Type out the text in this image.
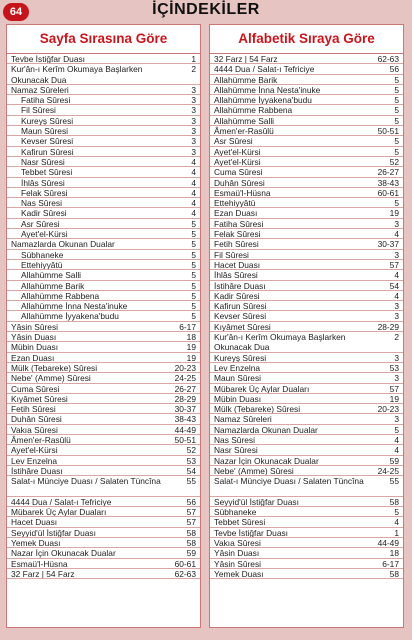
64	İÇİNDEKİLER
Sayfa Sırasına Göre
Tevbe İstiğfar Duası	1
Kur'ân-ı Kerîm Okumaya Başlarken Okunacak Dua
2
Namaz Sûreleri	3
Fatiha Sûresi	3
Fil Sûresi	3
Kureyş Sûresi	3
Maun Sûresi	3
Kevser Sûresi	3
Kafirun Sûresi	3
Nasr Sûresi	4
Tebbet Sûresi	4
İhlâs Sûresi	4
Felak Sûresi	4
Nas Sûresi	4
Kadir Sûresi	4
Asr Sûresi	5
Ayet'el-Kürsi	5
Namazlarda Okunan Dualar	5
Sübhaneke	5
Ettehiyyâtü	5
Allahümme Salli	5
Allahümme Barik	5
Allahümme Rabbena	5
Allahümme İnna Nesta'inuke	5
Allahümme İyyakena'budu	5
Yâsin Sûresi	6-17
Yâsin Duası	18
Mübin Duası	19
Ezan Duası	19
Mülk (Tebareke) Sûresi	20-23
Nebe' (Amme) Sûresi	24-25
Cuma Sûresi	26-27
Kıyâmet Sûresi	28-29
Fetih Sûresi	30-37
Duhân Sûresi	38-43
Vakıa Sûresi	44-49
Âmen'er-Rasûlü	50-51
Ayet'el-Kürsi	52
Lev Enzelna	53
İstihâre Duası	54
Salat-ı Münciye Duası / Salaten Tüncîna	55
4444 Dua / Salat-ı Tefriciye	56
Mübarek Üç Aylar Duaları	57
Hacet Duası	57
Seyyid'ül İstiğfar Duası	58
Yemek Duası	58
Nazar İçin Okunacak Dualar	59
Esmaü'l-Hüsna	60-61
32 Farz | 54 Farz	62-63
Alfabetik Sıraya Göre
32 Farz | 54 Farz	62-63
4444 Dua / Salat-ı Tefriciye	56
Allahümme Barik	5
Allahümme İnna Nesta'inuke	5
Allahümme İyyakena'budu	5
Allahümme Rabbena	5
Allahümme Salli	5
Âmen'er-Rasûlü	50-51
Asr Sûresi	5
Ayet'el-Kürsi	5
Ayet'el-Kürsi	52
Cuma Sûresi	26-27
Duhân Sûresi	38-43
Esmaü'l-Hüsna	60-61
Ettehiyyâtü	5
Ezan Duası	19
Fatiha Sûresi	3
Felak Sûresi	4
Fetih Sûresi	30-37
Fil Sûresi	3
Hacet Duası	57
İhlâs Sûresi	4
İstihâre Duası	54
Kadir Sûresi	4
Kafirun Sûresi	3
Kevser Sûresi	3
Kıyâmet Sûresi	28-29
Kur'ân-ı Kerîm Okumaya Başlarken Okunacak Dua
2
Kureyş Sûresi	3
Lev Enzelna	53
Maun Sûresi	3
Mübarek Üç Aylar Duaları	57
Mübin Duası	19
Mülk (Tebareke) Sûresi	20-23
Namaz Sûreleri	3
Namazlarda Okunan Dualar	5
Nas Sûresi	4
Nasr Sûresi	4
Nazar İçin Okunacak Dualar	59
Nebe' (Amme) Sûresi	24-25
Salat-ı Münciye Duası / Salaten Tüncîna	55
Seyyid'ül İstiğfar Duası	58
Sübhaneke	5
Tebbet Sûresi	4
Tevbe İstiğfar Duası	1
Vakıa Sûresi	44-49
Yâsin Duası	18
Yâsin Sûresi	6-17
Yemek Duası	58
